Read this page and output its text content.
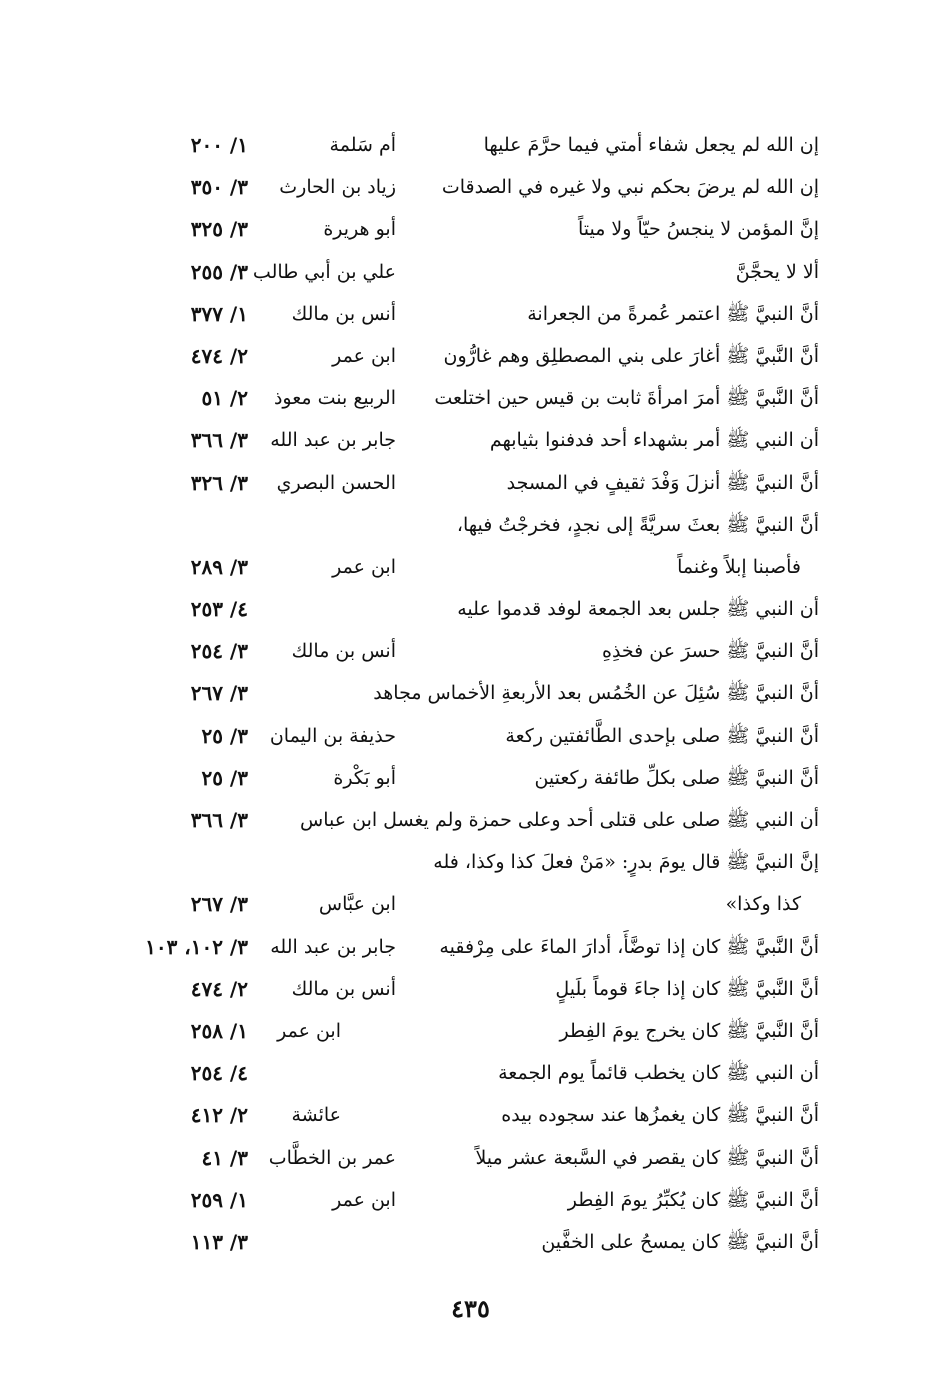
إن الله لم يجعل شفاء أمتي فيما حرَّمَ عليها
أم سَلمة
١/ ٢٠٠
إن الله لم يرضَ بحكم نبي ولا غيره في الصدقات
زياد بن الحارث
٣/ ٣٥٠
إنَّ المؤمن لا ينجسُ حيّاً ولا ميتاً
أبو هريرة
٣/ ٣٢٥
ألا لا يحجَّنَّ
علي بن أبي طالب
٣/ ٢٥٥
أنَّ النبيَّ ﷺ اعتمر عُمرةً من الجعرانة
أنس بن مالك
١/ ٣٧٧
أنَّ النَّبيَّ ﷺ أغارَ على بني المصطلِق وهم غارُّون
ابن عمر
٢/ ٤٧٤
أنَّ النَّبيَّ ﷺ أمرَ امرأةَ ثابت بن قيس حين اختلعت
الربيع بنت معوذ
٢/ ٥١
أن النبي ﷺ أمر بشهداء أحد فدفنوا بثيابهم
جابر بن عبد الله
٣/ ٣٦٦
أنَّ النبيَّ ﷺ أنزلَ وَفْدَ ثقيفٍ في المسجد
الحسن البصري
٣/ ٣٢٦
أنَّ النبيَّ ﷺ بعثَ سريَّةً إلى نجدٍ، فخرجْتُ فيها،
فأصبنا إبلاً وغنماً
ابن عمر
٣/ ٢٨٩
أن النبي ﷺ جلس بعد الجمعة لوفد قدموا عليه
٤/ ٢٥٣
أنَّ النبيَّ ﷺ حسرَ عن فخذِهِ
أنس بن مالك
٣/ ٢٥٤
أنَّ النبيَّ ﷺ سُئِلَ عن الخُمُس بعد الأربعةِ الأخماس مجاهد
٣/ ٢٦٧
أنَّ النبيَّ ﷺ صلى بإحدى الطَّائفتين ركعة
حذيفة بن اليمان
٣/ ٢٥
أنَّ النبيَّ ﷺ صلى بكلِّ طائفة ركعتين
أبو بَكْرة
٣/ ٢٥
أن النبي ﷺ صلى على قتلى أحد وعلى حمزة ولم يغسل ابن عباس
٣/ ٣٦٦
إنَّ النبيَّ ﷺ قال يومَ بدرٍ: «مَنْ فعلَ كذا وكذا، فله
كذا وكذا»
ابن عبَّاس
٣/ ٢٦٧
أنَّ النَّبيَّ ﷺ كان إذا توضَّأَ، أدارَ الماءَ على مِرْفقيه
جابر بن عبد الله
٣/ ١٠٢، ١٠٣
أنَّ النَّبيَّ ﷺ كان إذا جاءَ قوماً بلَيلٍ
أنس بن مالك
٢/ ٤٧٤
أنَّ النَّبيَّ ﷺ كان يخرج يومَ الفِطر
ابن عمر
١/ ٢٥٨
أن النبي ﷺ كان يخطب قائماً يوم الجمعة
٤/ ٢٥٤
أنَّ النبيَّ ﷺ كان يغمزُها عند سجوده بيده
عائشة
٢/ ٤١٢
أنَّ النبيَّ ﷺ كان يقصر في السَّبعة عشر ميلاً
عمر بن الخطَّاب
٣/ ٤١
أنَّ النبيَّ ﷺ كان يُكبِّرُ يومَ الفِطر
ابن عمر
١/ ٢٥٩
أنَّ النبيَّ ﷺ كان يمسحُ على الخفَّين
٣/ ١١٣
٤٣٥
